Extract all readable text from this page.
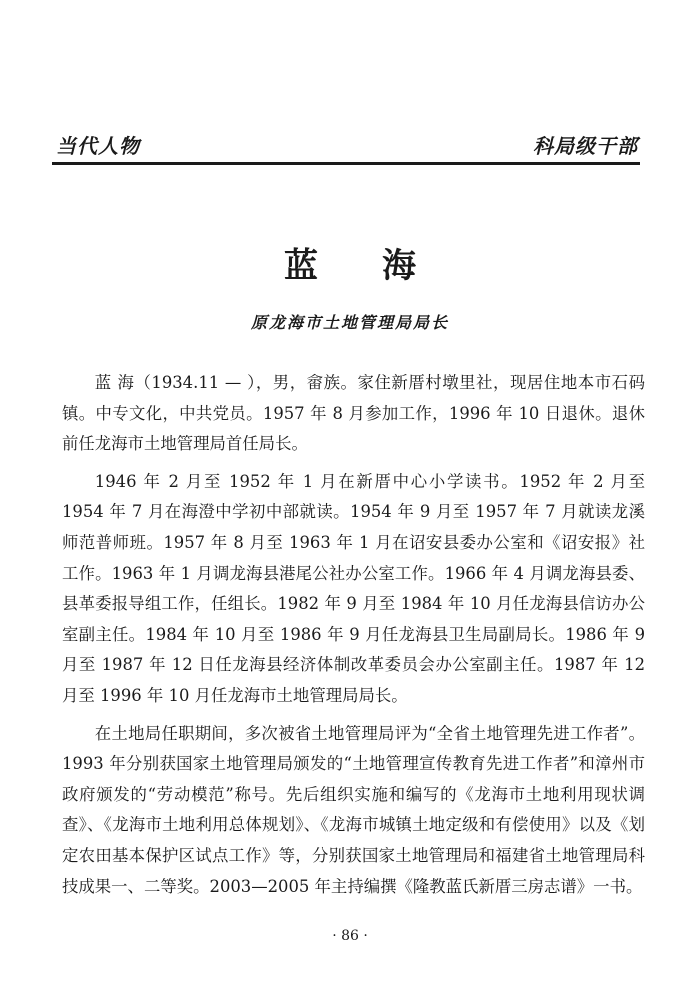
当代人物	科局级干部
蓝海
原龙海市土地管理局局长

蓝 海（1934.11 — ），男，畲族。家住新厝村墩里社，现居住地本市石码镇。中专文化，中共党员。1957 年 8 月参加工作，1996 年 10 日退休。退休前任龙海市土地管理局首任局长。

1946 年 2 月至 1952 年 1 月在新厝中心小学读书。1952 年 2 月至 1954 年 7 月在海澄中学初中部就读。1954 年 9 月至 1957 年 7 月就读龙溪师范普师班。1957 年 8 月至 1963 年 1 月在诏安县委办公室和《诏安报》社工作。1963 年 1 月调龙海县港尾公社办公室工作。1966 年 4 月调龙海县委、县革委报导组工作，任组长。1982 年 9 月至 1984 年 10 月任龙海县信访办公室副主任。1984 年 10 月至 1986 年 9 月任龙海县卫生局副局长。1986 年 9 月至 1987 年 12 日任龙海县经济体制改革委员会办公室副主任。1987 年 12 月至 1996 年 10 月任龙海市土地管理局局长。

在土地局任职期间，多次被省土地管理局评为“全省土地管理先进工作者”。1993 年分别获国家土地管理局颁发的“土地管理宣传教育先进工作者”和漳州市政府颁发的“劳动模范”称号。先后组织实施和编写的《龙海市土地利用现状调查》、《龙海市土地利用总体规划》、《龙海市城镇土地定级和有偿使用》以及《划定农田基本保护区试点工作》等，分别获国家土地管理局和福建省土地管理局科技成果一、二等奖。2003—2005 年主持编撰《隆教蓝氏新厝三房志谱》一书。

· 86 ·
